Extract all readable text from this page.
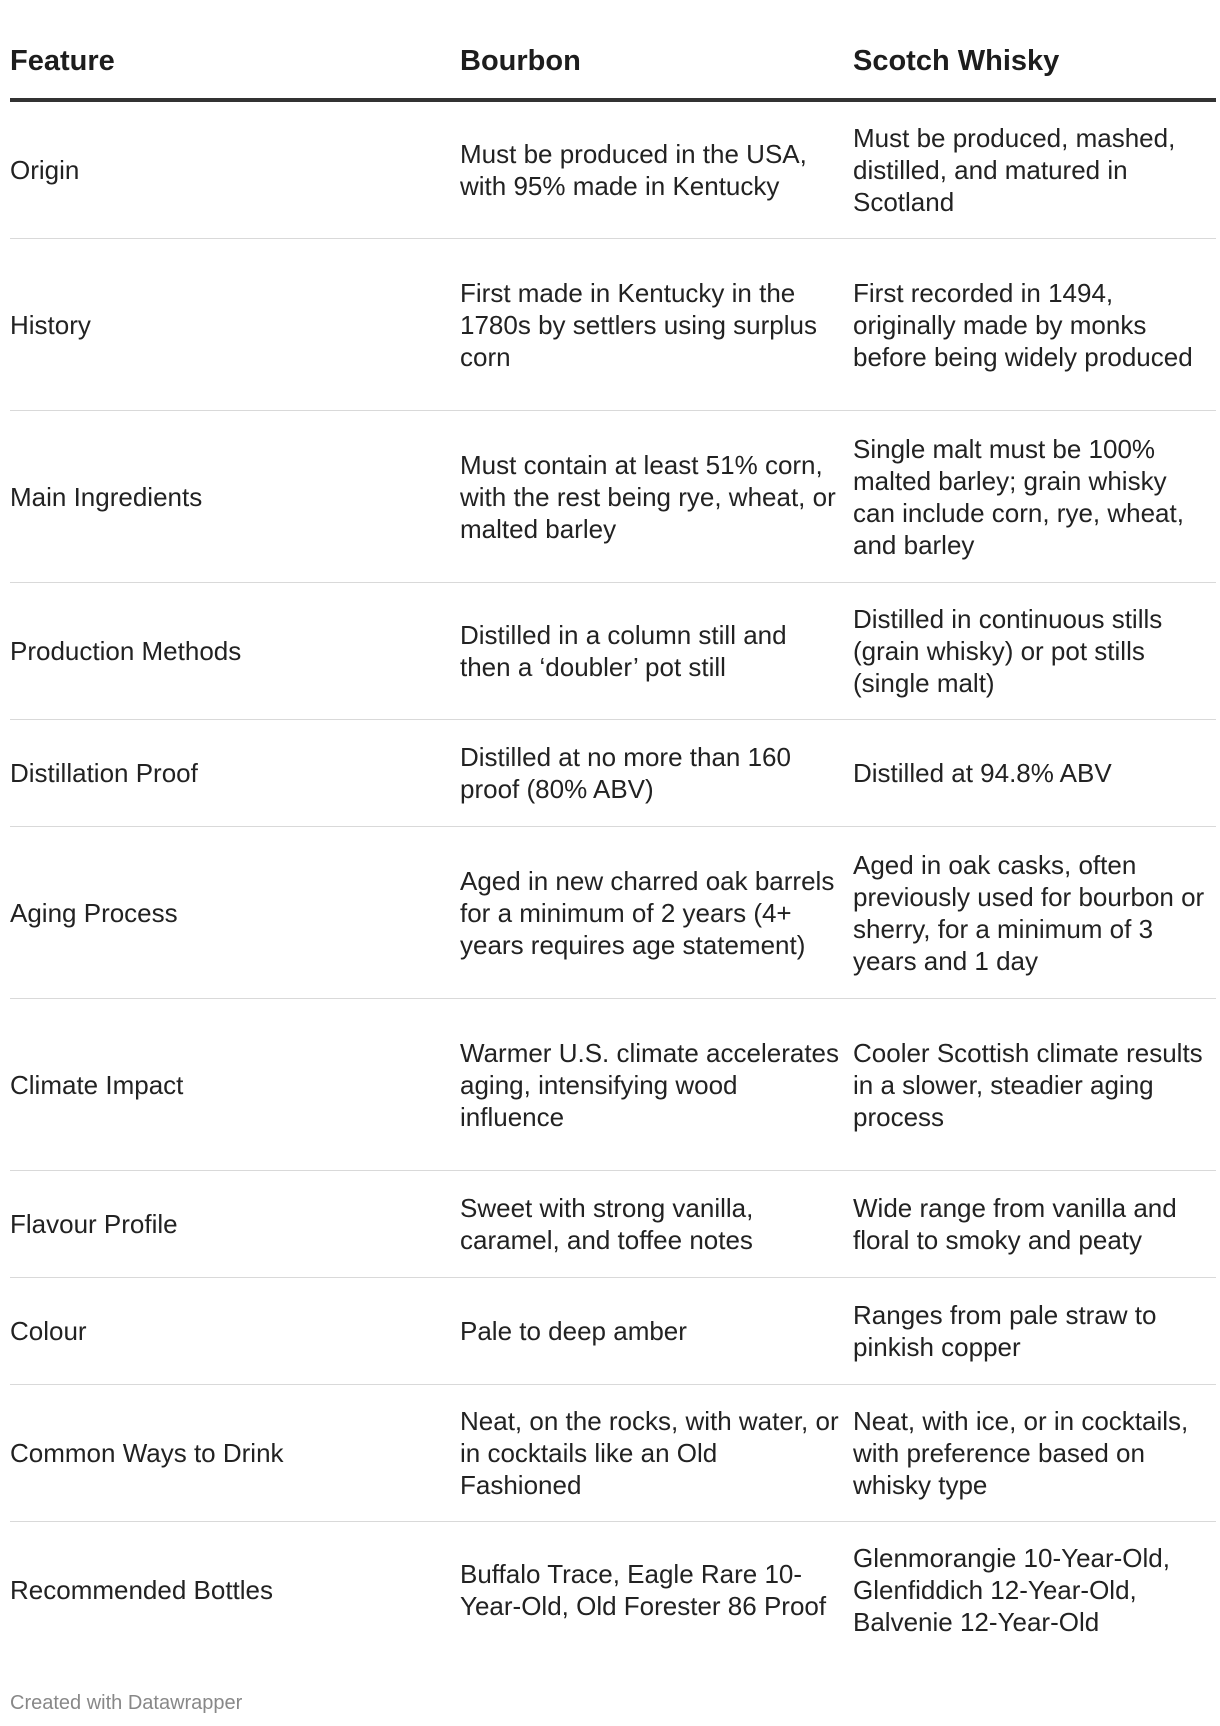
Feature	Bourbon	Scotch Whisky

Origin	Must be produced in the USA, with 95% made in Kentucky	Must be produced, mashed, distilled, and matured in Scotland

History	First made in Kentucky in the 1780s by settlers using surplus corn	First recorded in 1494, originally made by monks before being widely produced

Main Ingredients	Must contain at least 51% corn, with the rest being rye, wheat, or malted barley	Single malt must be 100% malted barley; grain whisky can include corn, rye, wheat, and barley

Production Methods	Distilled in a column still and then a ‘doubler’ pot still	Distilled in continuous stills (grain whisky) or pot stills (single malt)

Distillation Proof	Distilled at no more than 160 proof (80% ABV)	Distilled at 94.8% ABV

Aging Process	Aged in new charred oak barrels for a minimum of 2 years (4+ years requires age statement)	Aged in oak casks, often previously used for bourbon or sherry, for a minimum of 3 years and 1 day

Climate Impact	Warmer U.S. climate accelerates aging, intensifying wood influence	Cooler Scottish climate results in a slower, steadier aging process

Flavour Profile	Sweet with strong vanilla, caramel, and toffee notes	Wide range from vanilla and floral to smoky and peaty

Colour	Pale to deep amber	Ranges from pale straw to pinkish copper

Common Ways to Drink	Neat, on the rocks, with water, or in cocktails like an Old Fashioned	Neat, with ice, or in cocktails, with preference based on whisky type

Recommended Bottles	Buffalo Trace, Eagle Rare 10-Year-Old, Old Forester 86 Proof	Glenmorangie 10-Year-Old, Glenfiddich 12-Year-Old, Balvenie 12-Year-Old
Created with Datawrapper
